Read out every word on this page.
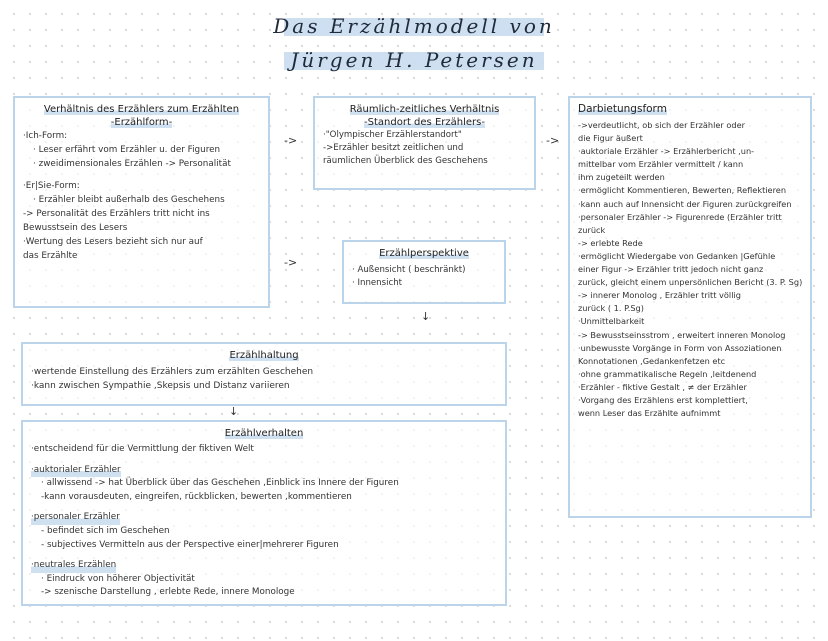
Das Erzählmodell von
Jürgen H. Petersen
Verhältnis des Erzählers zum Erzählten
-Erzählform-
·Ich-Form:
· Leser erfährt vom Erzähler u. der Figuren
· zweidimensionales Erzählen -> Personalität
·Er|Sie-Form:
· Erzähler bleibt außerhalb des Geschehens
-> Personalität des Erzählers tritt nicht ins
Bewusstsein des Lesers
·Wertung des Lesers bezieht sich nur auf
das Erzählte
->
->
Räumlich-zeitliches Verhältnis
-Standort des Erzählers-
·"Olympischer Erzählerstandort"
->Erzähler besitzt zeitlichen und
räumlichen Überblick des Geschehens
->
Erzählperspektive
· Außensicht ( beschränkt)
· Innensicht
↓
Darbietungsform
->verdeutlicht, ob sich der Erzähler oder
die Figur äußert
·auktoriale Erzähler -> Erzählerbericht ,un-
mittelbar vom Erzähler vermittelt / kann
ihm zugeteilt werden
·ermöglicht Kommentieren, Bewerten, Reflektieren
·kann auch auf Innensicht der Figuren zurückgreifen
·personaler Erzähler -> Figurenrede (Erzähler tritt
zurück
-> erlebte Rede
·ermöglicht Wiedergabe von Gedanken |Gefühle
einer Figur -> Erzähler tritt jedoch nicht ganz
zurück, gleicht einem unpersönlichen Bericht (3. P. Sg)
-> innerer Monolog , Erzähler tritt völlig
zurück ( 1. P.Sg)
·Unmittelbarkeit
-> Bewusstseinsstrom , erweitert inneren Monolog
·unbewusste Vorgänge in Form von Assoziationen
Konnotationen ,Gedankenfetzen etc
·ohne grammatikalische Regeln ,leitdenend
·Erzähler - fiktive Gestalt , ≠ der Erzähler
·Vorgang des Erzählens erst komplettiert,
wenn Leser das Erzählte aufnimmt
Erzählhaltung
·wertende Einstellung des Erzählers zum erzählten Geschehen
·kann zwischen Sympathie ,Skepsis und Distanz variieren
↓
Erzählverhalten
·entscheidend für die Vermittlung der fiktiven Welt
·auktorialer Erzähler
· allwissend -> hat Überblick über das Geschehen ,Einblick ins Innere der Figuren
-kann vorausdeuten, eingreifen, rückblicken, bewerten ,kommentieren
·personaler Erzähler
- befindet sich im Geschehen
- subjectives Vermitteln aus der Perspective einer|mehrerer Figuren
·neutrales Erzählen
· Eindruck von höherer Objectivität
-> szenische Darstellung , erlebte Rede, innere Monologe
